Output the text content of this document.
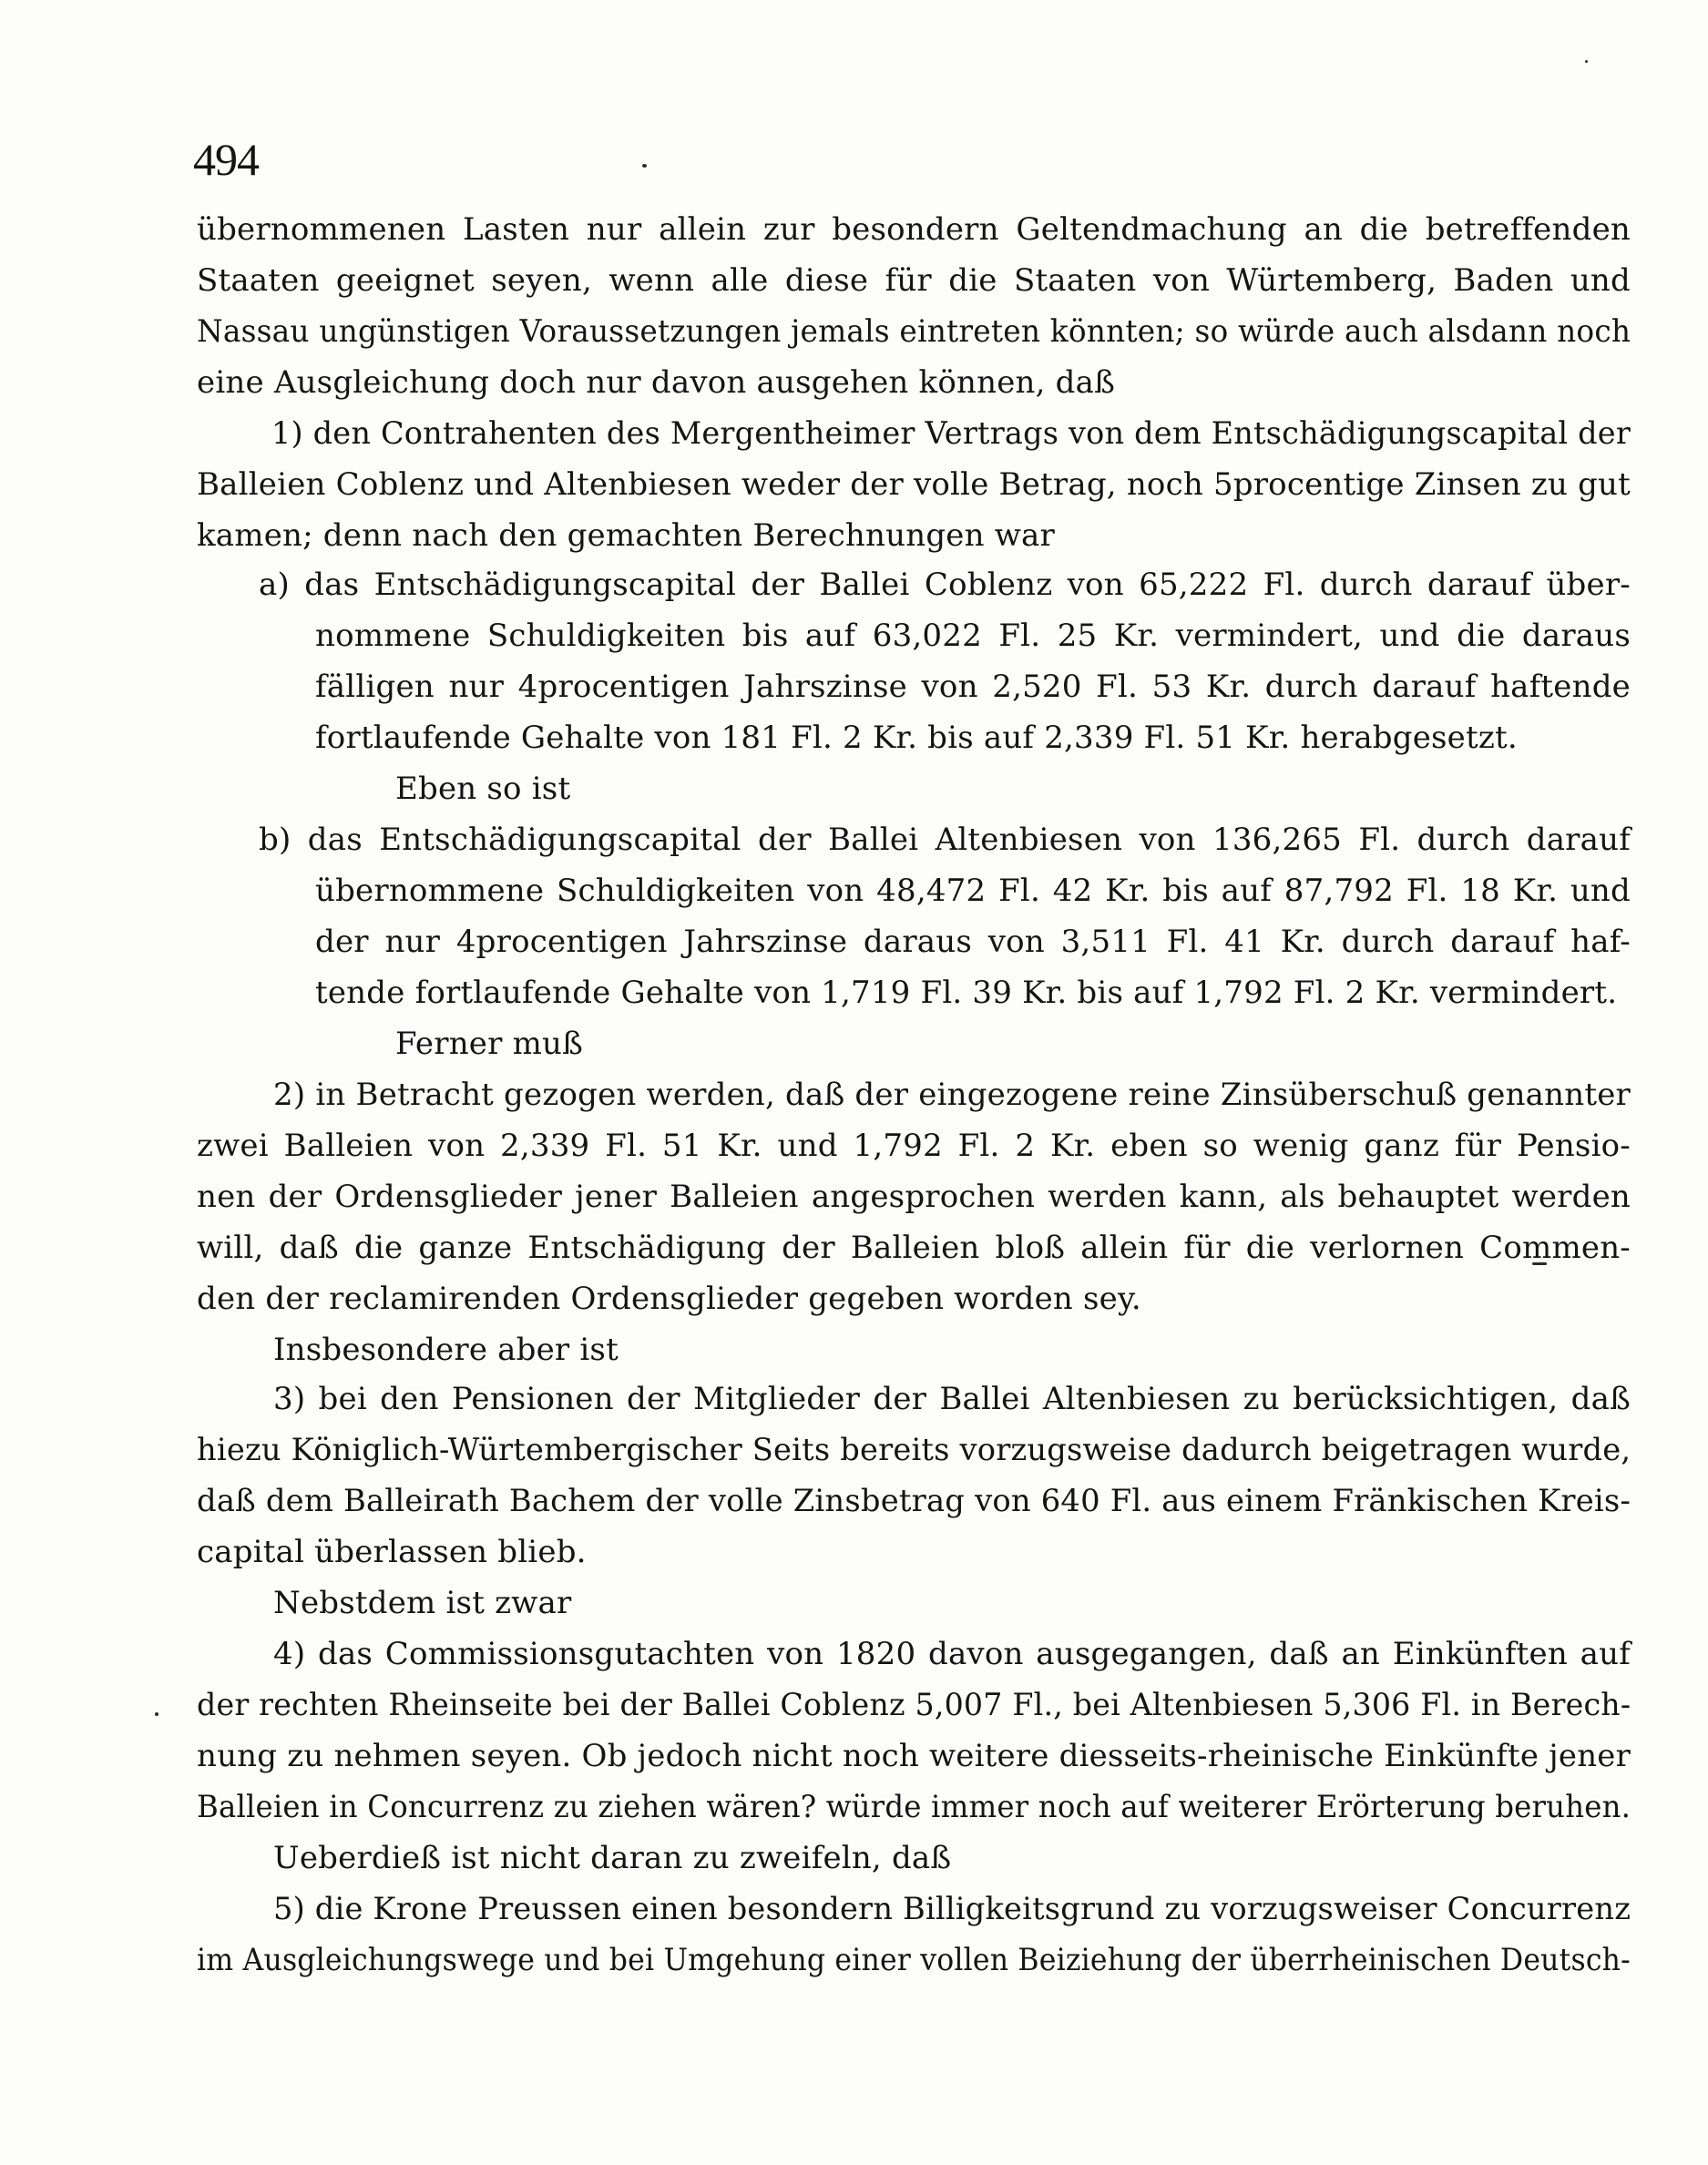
494
übernommenen Lasten nur allein zur besondern Geltendmachung an die betreffenden
Staaten geeignet seyen, wenn alle diese für die Staaten von Würtemberg, Baden und
Nassau ungünstigen Voraussetzungen jemals eintreten könnten; so würde auch alsdann noch
eine Ausgleichung doch nur davon ausgehen können, daß
1) den Contrahenten des Mergentheimer Vertrags von dem Entschädigungscapital der
Balleien Coblenz und Altenbiesen weder der volle Betrag, noch 5procentige Zinsen zu gut
kamen; denn nach den gemachten Berechnungen war
a) das Entschädigungscapital der Ballei Coblenz von 65,222 Fl. durch darauf über-
nommene Schuldigkeiten bis auf 63,022 Fl. 25 Kr. vermindert, und die daraus
fälligen nur 4procentigen Jahrszinse von 2,520 Fl. 53 Kr. durch darauf haftende
fortlaufende Gehalte von 181 Fl. 2 Kr. bis auf 2,339 Fl. 51 Kr. herabgesetzt.
Eben so ist
b) das Entschädigungscapital der Ballei Altenbiesen von 136,265 Fl. durch darauf
übernommene Schuldigkeiten von 48,472 Fl. 42 Kr. bis auf 87,792 Fl. 18 Kr. und
der nur 4procentigen Jahrszinse daraus von 3,511 Fl. 41 Kr. durch darauf haf-
tende fortlaufende Gehalte von 1,719 Fl. 39 Kr. bis auf 1,792 Fl. 2 Kr. vermindert.
Ferner muß
2) in Betracht gezogen werden, daß der eingezogene reine Zinsüberschuß genannter
zwei Balleien von 2,339 Fl. 51 Kr. und 1,792 Fl. 2 Kr. eben so wenig ganz für Pensio-
nen der Ordensglieder jener Balleien angesprochen werden kann, als behauptet werden
will, daß die ganze Entschädigung der Balleien bloß allein für die verlornen Commen-
den der reclamirenden Ordensglieder gegeben worden sey.
Insbesondere aber ist
3) bei den Pensionen der Mitglieder der Ballei Altenbiesen zu berücksichtigen, daß
hiezu Königlich-Würtembergischer Seits bereits vorzugsweise dadurch beigetragen wurde,
daß dem Balleirath Bachem der volle Zinsbetrag von 640 Fl. aus einem Fränkischen Kreis-
capital überlassen blieb.
Nebstdem ist zwar
4) das Commissionsgutachten von 1820 davon ausgegangen, daß an Einkünften auf
der rechten Rheinseite bei der Ballei Coblenz 5,007 Fl., bei Altenbiesen 5,306 Fl. in Berech-
nung zu nehmen seyen. Ob jedoch nicht noch weitere diesseits-rheinische Einkünfte jener
Balleien in Concurrenz zu ziehen wären? würde immer noch auf weiterer Erörterung beruhen.
Ueberdieß ist nicht daran zu zweifeln, daß
5) die Krone Preussen einen besondern Billigkeitsgrund zu vorzugsweiser Concurrenz
im Ausgleichungswege und bei Umgehung einer vollen Beiziehung der überrheinischen Deutsch-
